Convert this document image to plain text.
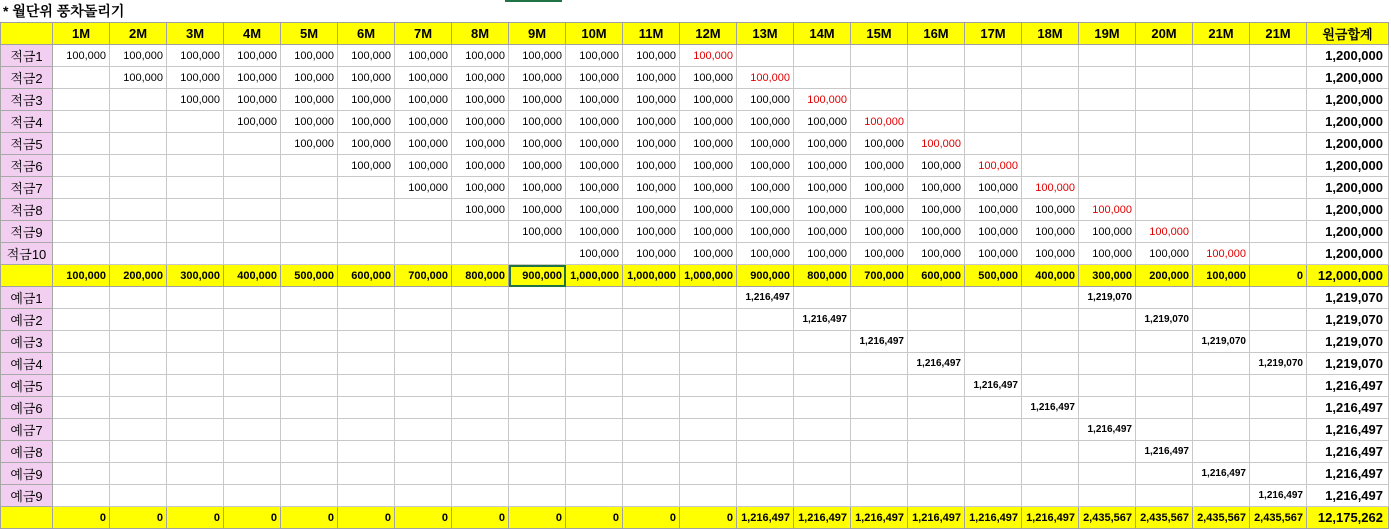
* 월단위 풍차돌리기
	1M	2M	3M	4M	5M	6M	7M	8M	9M	10M	11M	12M	13M	14M	15M	16M	17M	18M	19M	20M	21M	21M	원금합계
적금1	100,000	100,000	100,000	100,000	100,000	100,000	100,000	100,000	100,000	100,000	100,000	100,000											1,200,000
적금2		100,000	100,000	100,000	100,000	100,000	100,000	100,000	100,000	100,000	100,000	100,000	100,000										1,200,000
적금3			100,000	100,000	100,000	100,000	100,000	100,000	100,000	100,000	100,000	100,000	100,000	100,000									1,200,000
적금4				100,000	100,000	100,000	100,000	100,000	100,000	100,000	100,000	100,000	100,000	100,000	100,000								1,200,000
적금5					100,000	100,000	100,000	100,000	100,000	100,000	100,000	100,000	100,000	100,000	100,000	100,000							1,200,000
적금6						100,000	100,000	100,000	100,000	100,000	100,000	100,000	100,000	100,000	100,000	100,000	100,000						1,200,000
적금7							100,000	100,000	100,000	100,000	100,000	100,000	100,000	100,000	100,000	100,000	100,000	100,000					1,200,000
적금8								100,000	100,000	100,000	100,000	100,000	100,000	100,000	100,000	100,000	100,000	100,000	100,000				1,200,000
적금9									100,000	100,000	100,000	100,000	100,000	100,000	100,000	100,000	100,000	100,000	100,000	100,000			1,200,000
적금10										100,000	100,000	100,000	100,000	100,000	100,000	100,000	100,000	100,000	100,000	100,000	100,000		1,200,000
	100,000	200,000	300,000	400,000	500,000	600,000	700,000	800,000	900,000	1,000,000	1,000,000	1,000,000	900,000	800,000	700,000	600,000	500,000	400,000	300,000	200,000	100,000	0	12,000,000
예금1													1,216,497						1,219,070				1,219,070
예금2														1,216,497						1,219,070			1,219,070
예금3															1,216,497						1,219,070		1,219,070
예금4																1,216,497						1,219,070	1,219,070
예금5																	1,216,497						1,216,497
예금6																		1,216,497					1,216,497
예금7																			1,216,497				1,216,497
예금8																				1,216,497			1,216,497
예금9																					1,216,497		1,216,497
예금9																						1,216,497	1,216,497
	0	0	0	0	0	0	0	0	0	0	0	0	1,216,497	1,216,497	1,216,497	1,216,497	1,216,497	1,216,497	2,435,567	2,435,567	2,435,567	2,435,567	12,175,262
